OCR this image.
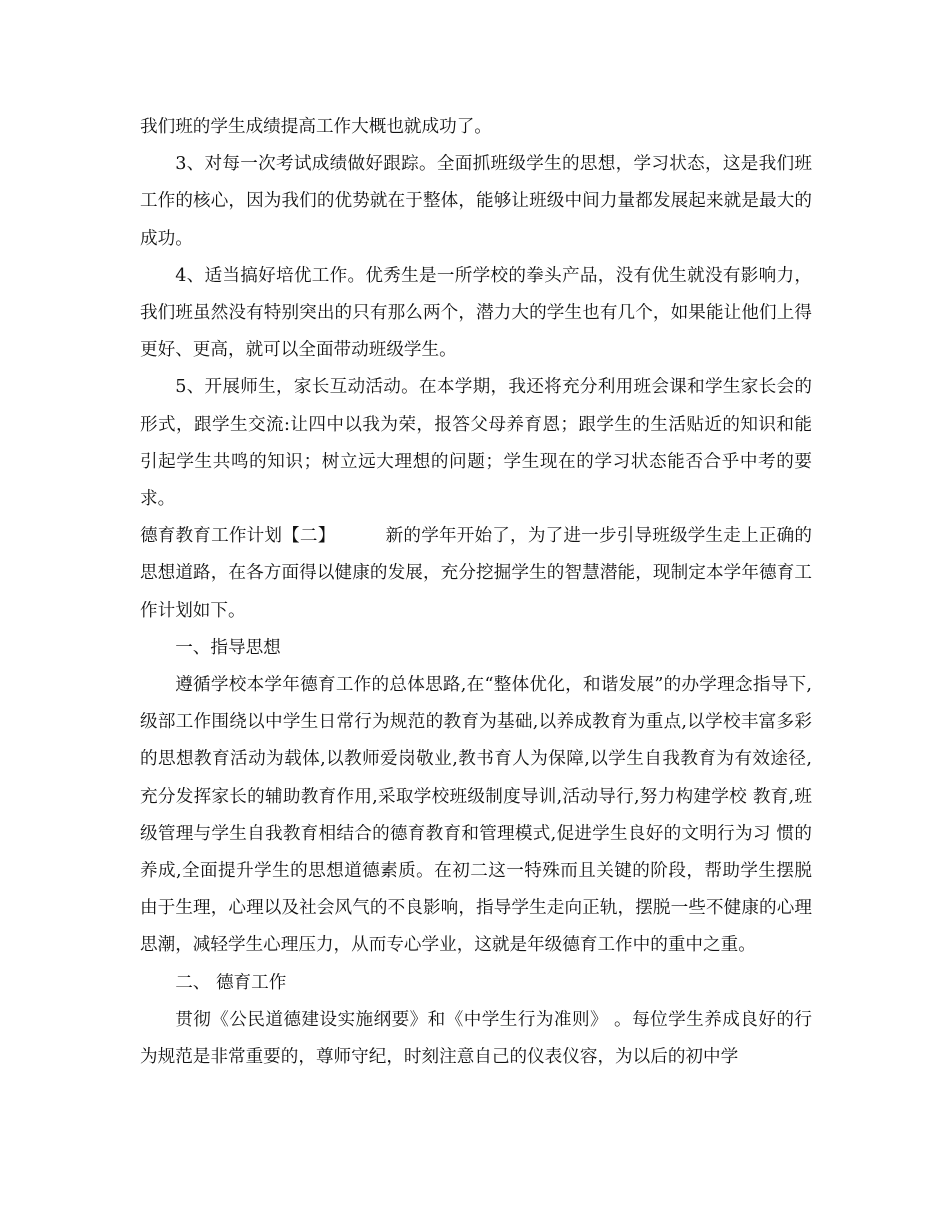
我们班的学生成绩提高工作大概也就成功了。

3、对每一次考试成绩做好跟踪。全面抓班级学生的思想，学习状态，这是我们班工作的核心，因为我们的优势就在于整体，能够让班级中间力量都发展起来就是最大的成功。

4、适当搞好培优工作。优秀生是一所学校的拳头产品，没有优生就没有影响力，我们班虽然没有特别突出的只有那么两个，潜力大的学生也有几个，如果能让他们上得更好、更高，就可以全面带动班级学生。

5、开展师生，家长互动活动。在本学期，我还将充分利用班会课和学生家长会的形式，跟学生交流:让四中以我为荣，报答父母养育恩；跟学生的生活贴近的知识和能引起学生共鸣的知识；树立远大理想的问题；学生现在的学习状态能否合乎中考的要求。

德育教育工作计划【二】	新的学年开始了，为了进一步引导班级学生走上正确的思想道路，在各方面得以健康的发展，充分挖掘学生的智慧潜能，现制定本学年德育工作计划如下。

一、指导思想

遵循学校本学年德育工作的总体思路,在“整体优化，和谐发展”的办学理念指导下,级部工作围绕以中学生日常行为规范的教育为基础,以养成教育为重点,以学校丰富多彩的思想教育活动为载体,以教师爱岗敬业,教书育人为保障,以学生自我教育为有效途径,充分发挥家长的辅助教育作用,采取学校班级制度导训,活动导行,努力构建学校 教育,班级管理与学生自我教育相结合的德育教育和管理模式,促进学生良好的文明行为习 惯的养成,全面提升学生的思想道德素质。在初二这一特殊而且关键的阶段，帮助学生摆脱由于生理，心理以及社会风气的不良影响，指导学生走向正轨，摆脱一些不健康的心理思潮，减轻学生心理压力，从而专心学业，这就是年级德育工作中的重中之重。

二、 德育工作

贯彻《公民道德建设实施纲要》和《中学生行为准则》 。每位学生养成良好的行为规范是非常重要的，尊师守纪，时刻注意自己的仪表仪容，为以后的初中学
